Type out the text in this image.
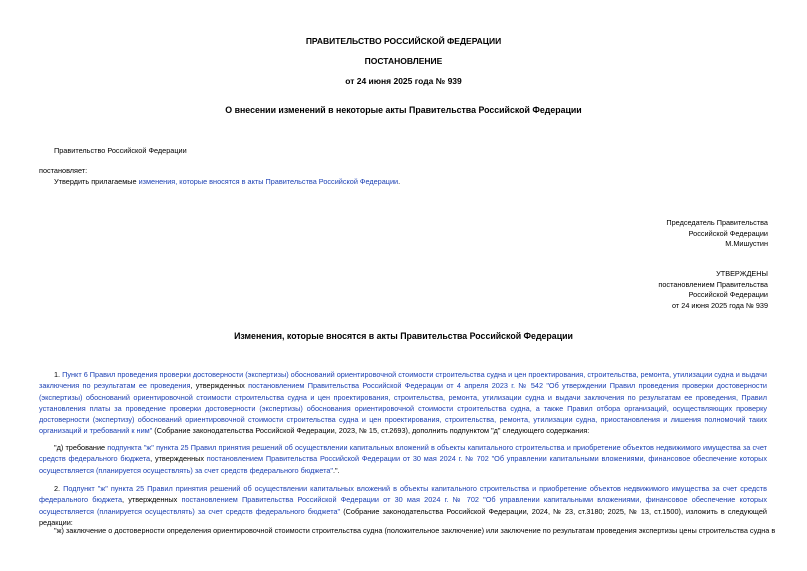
ПРАВИТЕЛЬСТВО РОССИЙСКОЙ ФЕДЕРАЦИИ
ПОСТАНОВЛЕНИЕ
от 24 июня 2025 года № 939
О внесении изменений в некоторые акты Правительства Российской Федерации
Правительство Российской Федерации
постановляет:
Утвердить прилагаемые изменения, которые вносятся в акты Правительства Российской Федерации.
Председатель Правительства
Российской Федерации
М.Мишустин
УТВЕРЖДЕНЫ
постановлением Правительства
Российской Федерации
от 24 июня 2025 года № 939
Изменения, которые вносятся в акты Правительства Российской Федерации

1. Пункт 6 Правил проведения проверки достоверности (экспертизы) обоснований ориентировочной стоимости строительства судна и цен проектирования, строительства, ремонта, утилизации судна и выдачи заключения по результатам ее проведения, утвержденных постановлением Правительства Российской Федерации от 4 апреля 2023 г. № 542 "Об утверждении Правил проведения проверки достоверности (экспертизы) обоснований ориентировочной стоимости строительства судна и цен проектирования, строительства, ремонта, утилизации судна и выдачи заключения по результатам ее проведения, Правил установления платы за проведение проверки достоверности (экспертизы) обоснования ориентировочной стоимости строительства судна, а также Правил отбора организаций, осуществляющих проверку достоверности (экспертизу) обоснований ориентировочной стоимости строительства судна и цен проектирования, строительства, ремонта, утилизации судна, приостановления и лишения полномочий таких организаций и требований к ним" (Собрание законодательства Российской Федерации, 2023, № 15, ст.2693), дополнить подпунктом "д" следующего содержания:

"д) требование подпункта "ж" пункта 25 Правил принятия решений об осуществлении капитальных вложений в объекты капитального строительства и приобретение объектов недвижимого имущества за счет средств федерального бюджета, утвержденных постановлением Правительства Российской Федерации от 30 мая 2024 г. № 702 "Об управлении капитальными вложениями, финансовое обеспечение которых осуществляется (планируется осуществлять) за счет средств федерального бюджета".".

2. Подпункт "ж" пункта 25 Правил принятия решений об осуществлении капитальных вложений в объекты капитального строительства и приобретение объектов недвижимого имущества за счет средств федерального бюджета, утвержденных постановлением Правительства Российской Федерации от 30 мая 2024 г. № 702 "Об управлении капитальными вложениями, финансовое обеспечение которых осуществляется (планируется осуществлять) за счет средств федерального бюджета" (Собрание законодательства Российской Федерации, 2024, № 23, ст.3180; 2025, № 13, ст.1500), изложить в следующей редакции:

"ж) заключение о достоверности определения ориентировочной стоимости строительства судна (положительное заключение) или заключение по результатам проведения экспертизы цены строительства судна в
